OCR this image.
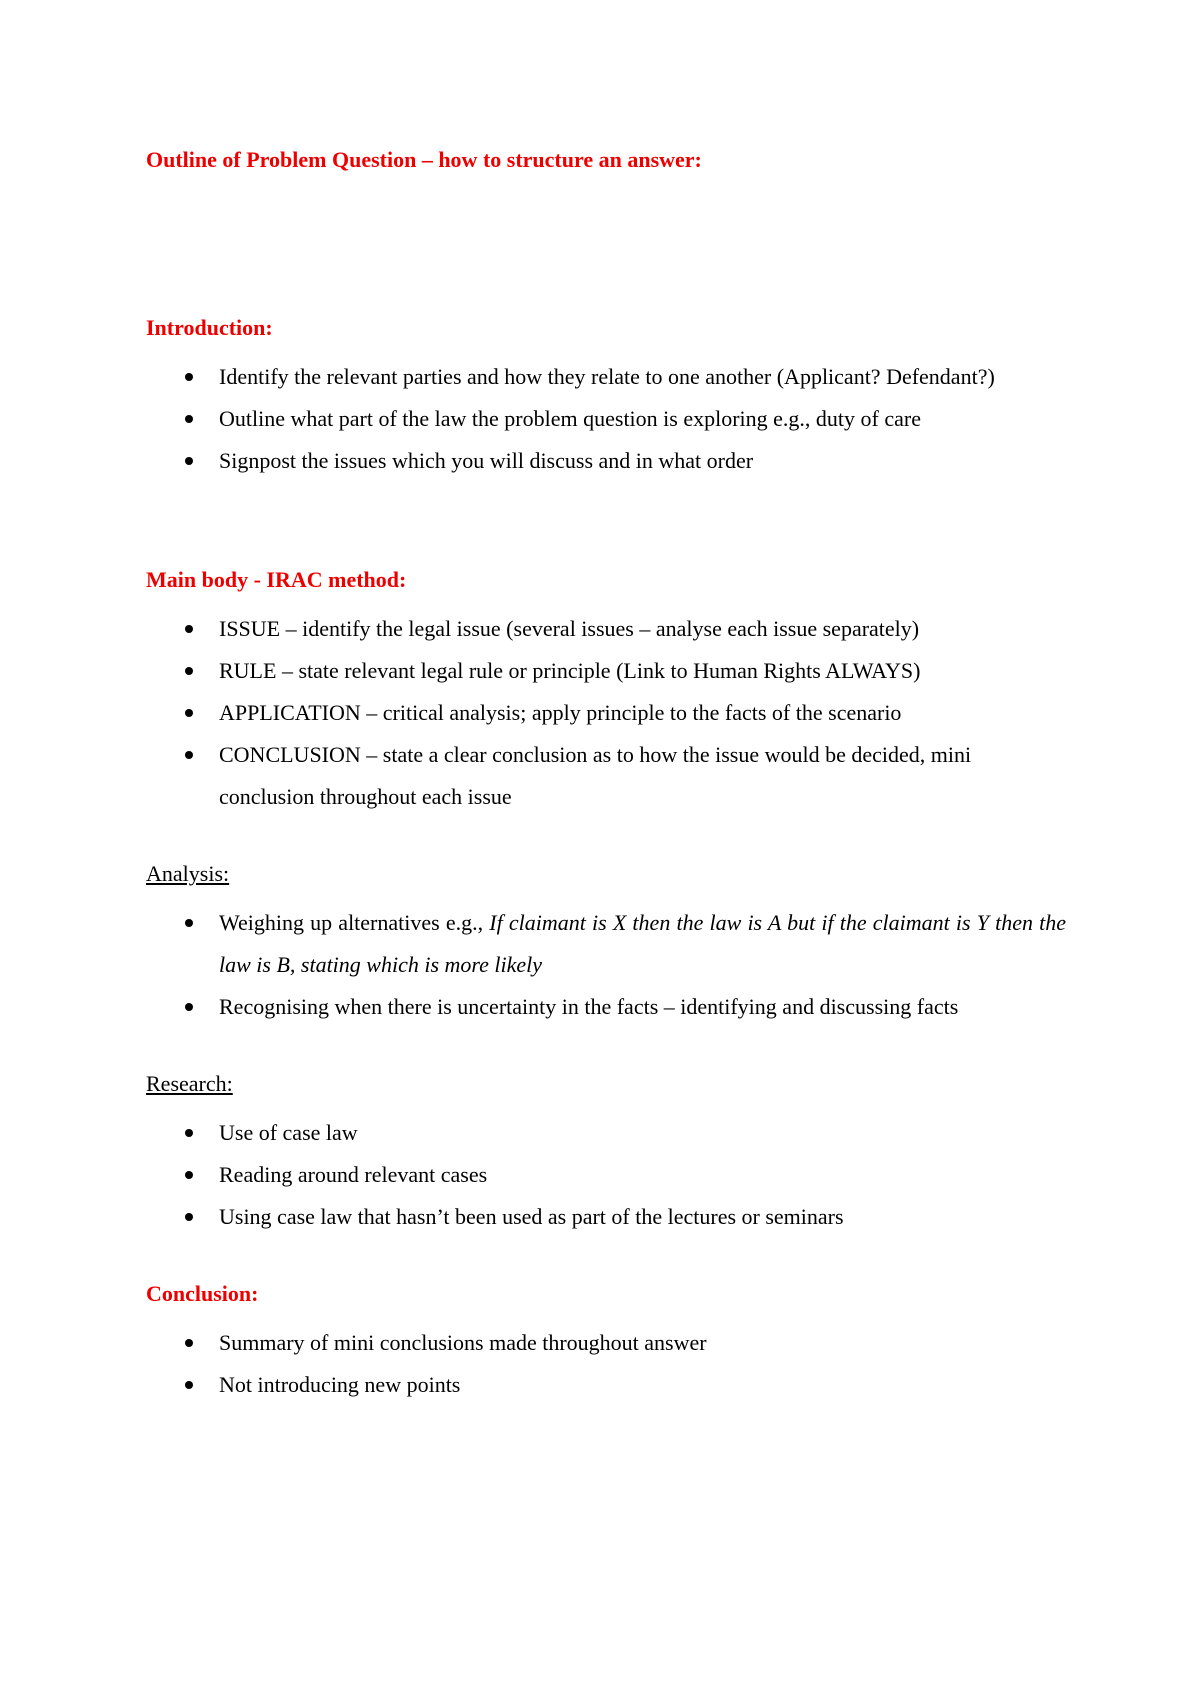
Outline of Problem Question – how to structure an answer:
Introduction:
Identify the relevant parties and how they relate to one another (Applicant? Defendant?)
Outline what part of the law the problem question is exploring e.g., duty of care
Signpost the issues which you will discuss and in what order
Main body - IRAC method:
ISSUE – identify the legal issue (several issues – analyse each issue separately)
RULE – state relevant legal rule or principle (Link to Human Rights ALWAYS)
APPLICATION – critical analysis; apply principle to the facts of the scenario
CONCLUSION – state a clear conclusion as to how the issue would be decided, mini conclusion throughout each issue
Analysis:
Weighing up alternatives e.g., If claimant is X then the law is A but if the claimant is Y then the law is B, stating which is more likely
Recognising when there is uncertainty in the facts – identifying and discussing facts
Research:
Use of case law
Reading around relevant cases
Using case law that hasn’t been used as part of the lectures or seminars
Conclusion:
Summary of mini conclusions made throughout answer
Not introducing new points
